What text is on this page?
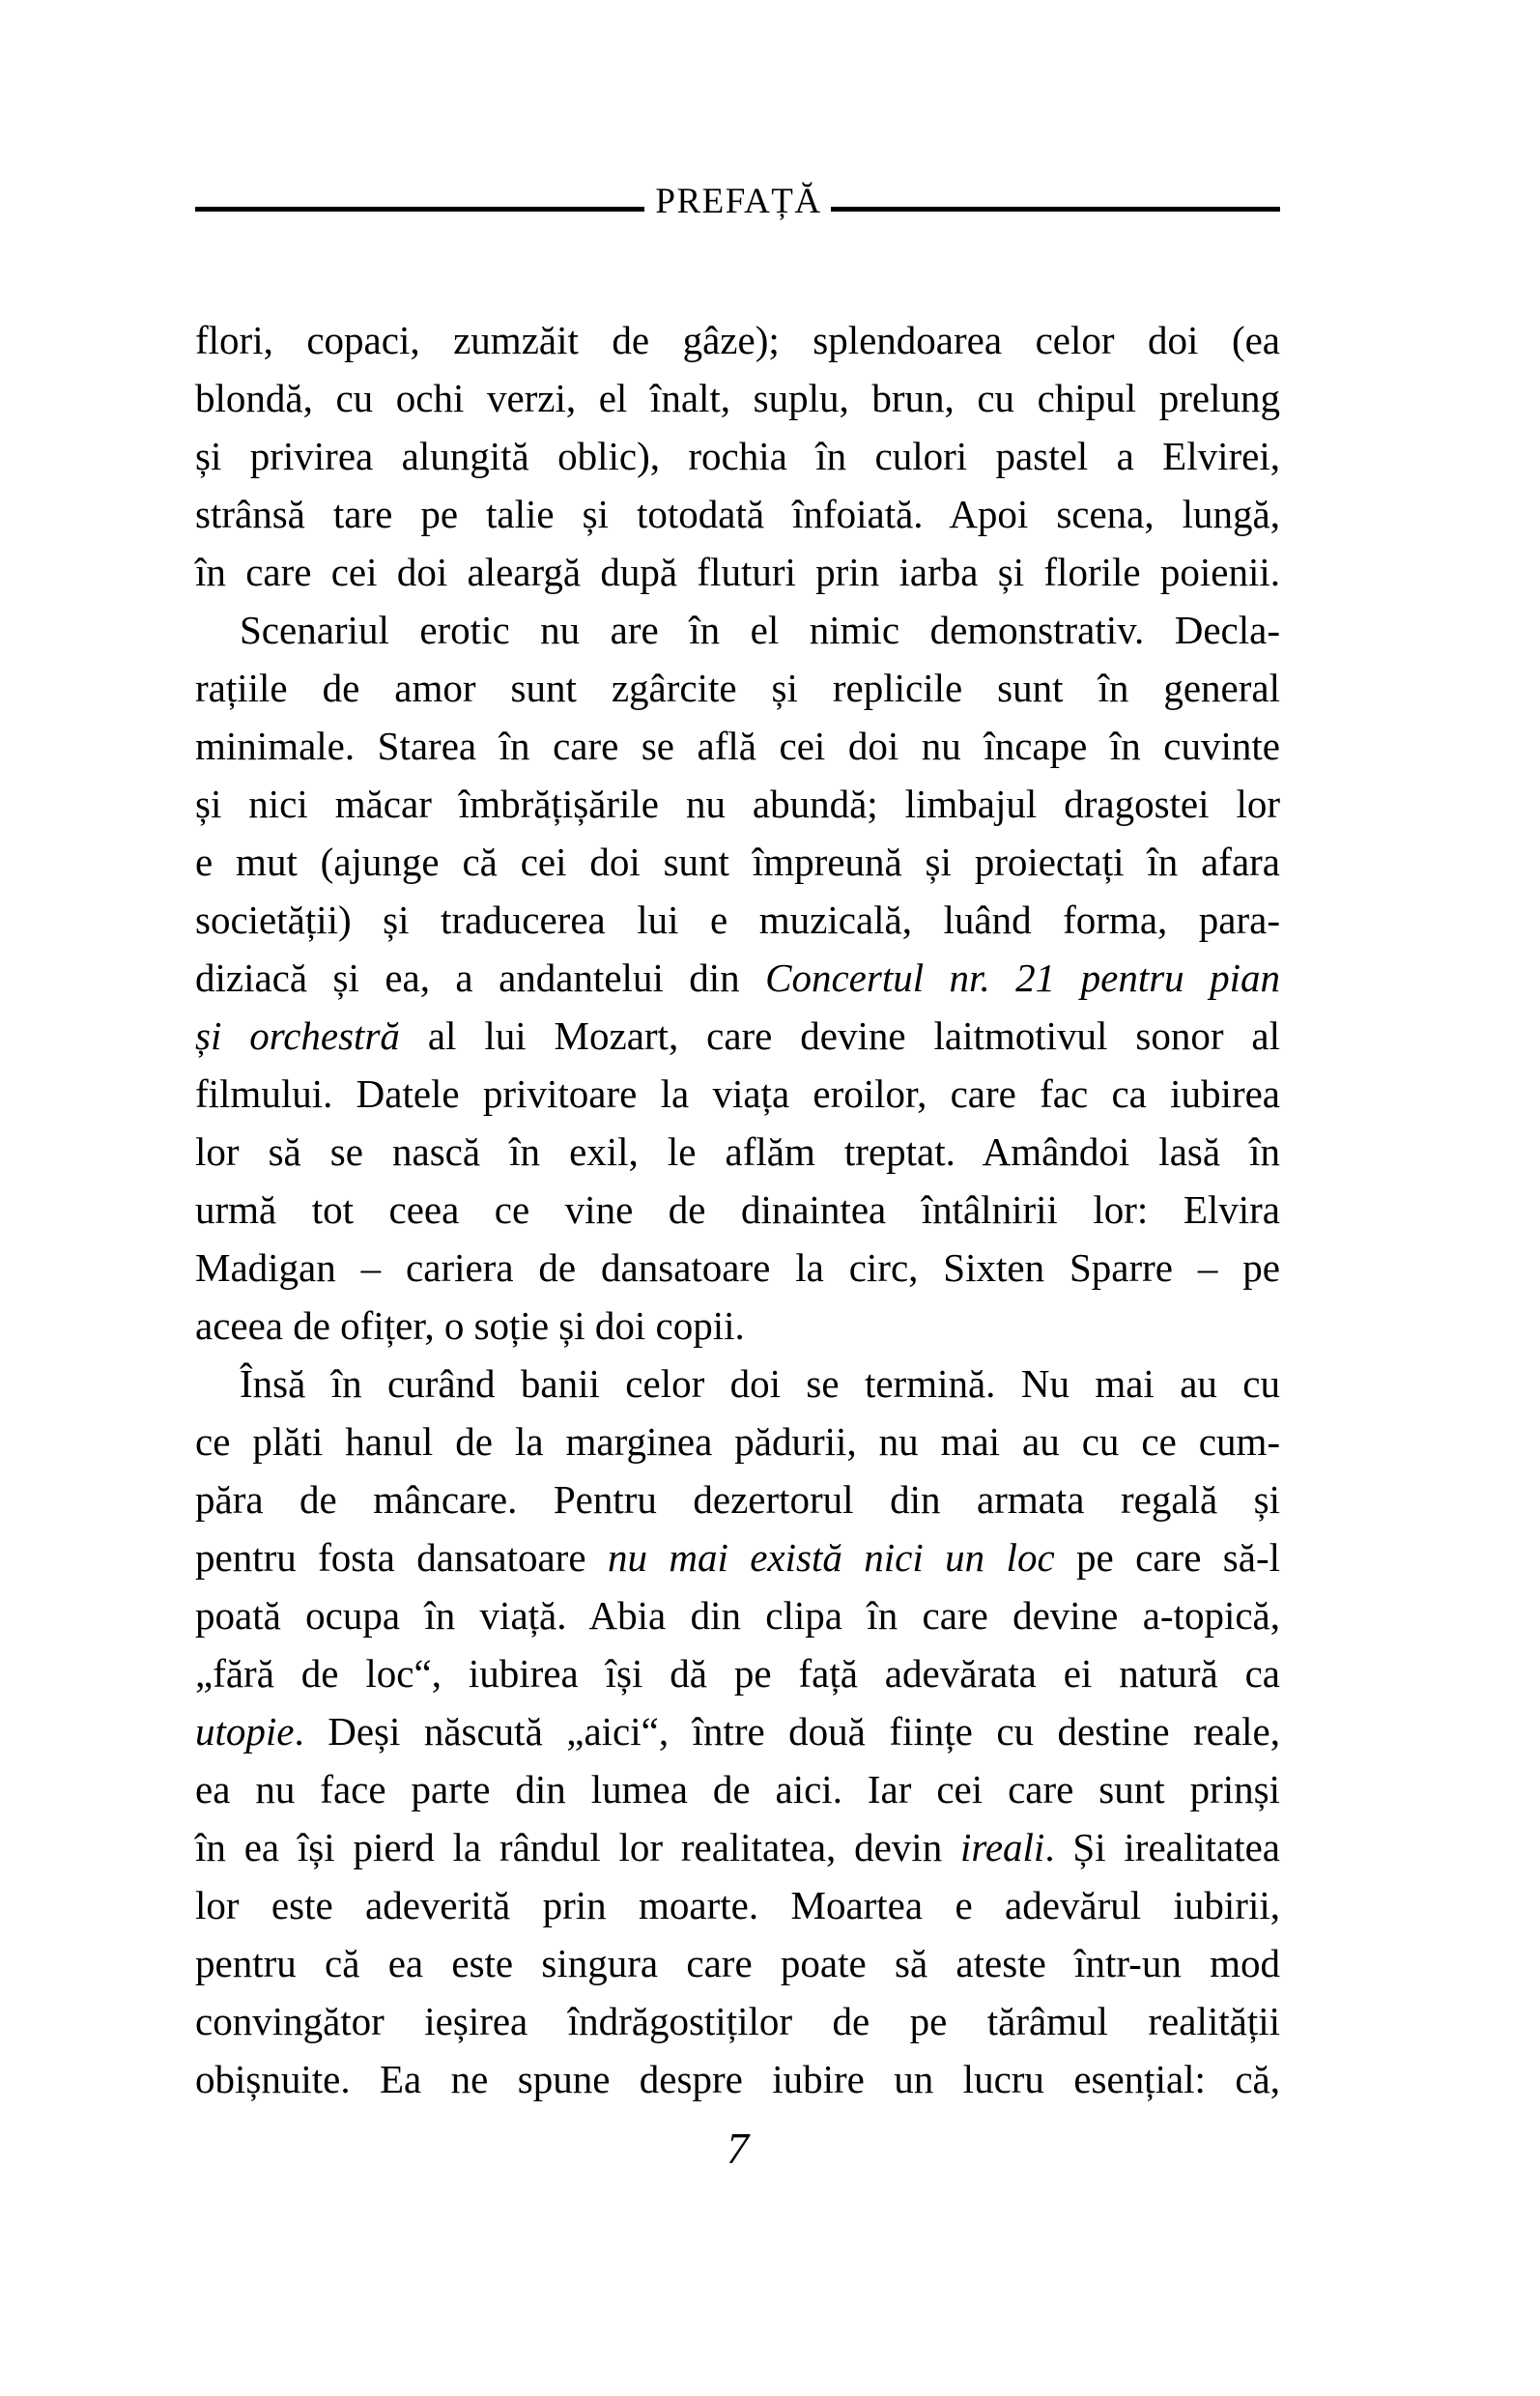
PREFAȚĂ
flori, copaci, zumzăit de gâze); splendoarea celor doi (ea
blondă, cu ochi verzi, el înalt, suplu, brun, cu chipul prelung
și privirea alungită oblic), rochia în culori pastel a Elvirei,
strânsă tare pe talie și totodată înfoiată. Apoi scena, lungă,
în care cei doi aleargă după fluturi prin iarba și florile poienii.
Scenariul erotic nu are în el nimic demonstrativ. Decla-
rațiile de amor sunt zgârcite și replicile sunt în general
minimale. Starea în care se află cei doi nu încape în cuvinte
și nici măcar îmbrățișările nu abundă; limbajul dragostei lor
e mut (ajunge că cei doi sunt împreună și proiectați în afara
societății) și traducerea lui e muzicală, luând forma, para-
diziacă și ea, a andantelui din Concertul nr. 21 pentru pian
și orchestră al lui Mozart, care devine laitmotivul sonor al
filmului. Datele privitoare la viața eroilor, care fac ca iubirea
lor să se nască în exil, le aflăm treptat. Amândoi lasă în
urmă tot ceea ce vine de dinaintea întâlnirii lor: Elvira
Madigan – cariera de dansatoare la circ, Sixten Sparre – pe
aceea de ofițer, o soție și doi copii.
Însă în curând banii celor doi se termină. Nu mai au cu
ce plăti hanul de la marginea pădurii, nu mai au cu ce cum-
păra de mâncare. Pentru dezertorul din armata regală și
pentru fosta dansatoare nu mai există nici un loc pe care să-l
poată ocupa în viață. Abia din clipa în care devine a-topică,
„fără de loc“, iubirea își dă pe față adevărata ei natură ca
utopie. Deși născută „aici“, între două ființe cu destine reale,
ea nu face parte din lumea de aici. Iar cei care sunt prinși
în ea își pierd la rândul lor realitatea, devin ireali. Și irealitatea
lor este adeverită prin moarte. Moartea e adevărul iubirii,
pentru că ea este singura care poate să ateste într-un mod
convingător ieșirea îndrăgostiților de pe tărâmul realității
obișnuite. Ea ne spune despre iubire un lucru esențial: că,
7
